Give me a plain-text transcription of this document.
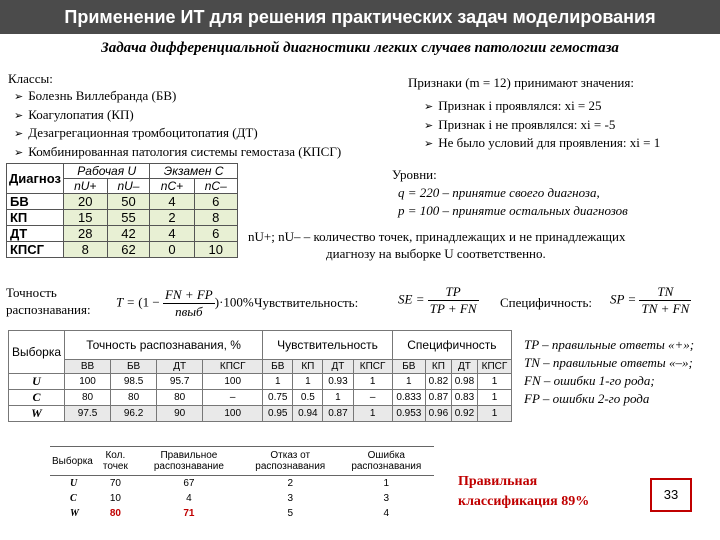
Применение ИТ для решения практических задач моделирования
Задача дифференциальной диагностики легких случаев патологии гемостаза
Классы:
➢ Болезнь Виллебранда (БВ)
➢ Коагулопатия (КП)
➢ Дезагрегационная тромбоцитопатия (ДТ)
➢ Комбинированная патология системы гемостаза (КПСГ)
Признаки (m = 12) принимают значения:
➢ Признак i проявлялся: xi = 25
➢ Признак i не проявлялся: xi = -5
➢ Не было условий для проявления: xi = 1
Диагноз	Рабочая U		Экзамен C	
	nU+	nU–	nC+	nC–
БВ	20	50	4	6
КП	15	55	2	8
ДТ	28	42	4	6
КПСГ	8	62	0	10
Уровни:
q = 220 – принятие своего диагноза,
p = 100 – принятие остальных диагнозов
nU+; nU– – количество точек, принадлежащих и не принадлежащих
диагнозу на выборке U соответственно.
Точность распознавания:
$T = (1 - \frac{FN + FP}{\text{nвыб}} )\cdot 100\%$ Чувствительность:	SE = $\frac{TP}{TP + FN}$ Специфичность: SP = $\frac{TN}{TN + FN}$
Выборка	Точность распознавания, %				Чувствительность				Специфичность			
	ВВ	БВ	ДТ	КПСГ	БВ	КП	ДТ	КПСГ	БВ	КП	ДТ	КПСГ
U	100	98.5	95.7	100	1	1	0.93	1	1	0.82	0.98	1
C	80	80	80	–	0.75	0.5	1	–	0.833	0.87	0.83	1
W	97.5	96.2	90	100	0.95	0.94	0.87	1	0.953	0.96	0.92	1
TP – правильные ответы «+»;
TN – правильные ответы «–»;
FN – ошибки 1-го рода;
FP – ошибки 2-го рода
Выборка	Кол. точек	Правильное распознавание	Отказ от распознавания	Ошибка распознавания
U	70	67	2	1
C	10	4	3	3
W	80	71	5	4
Правильная
классификация 89%	33
